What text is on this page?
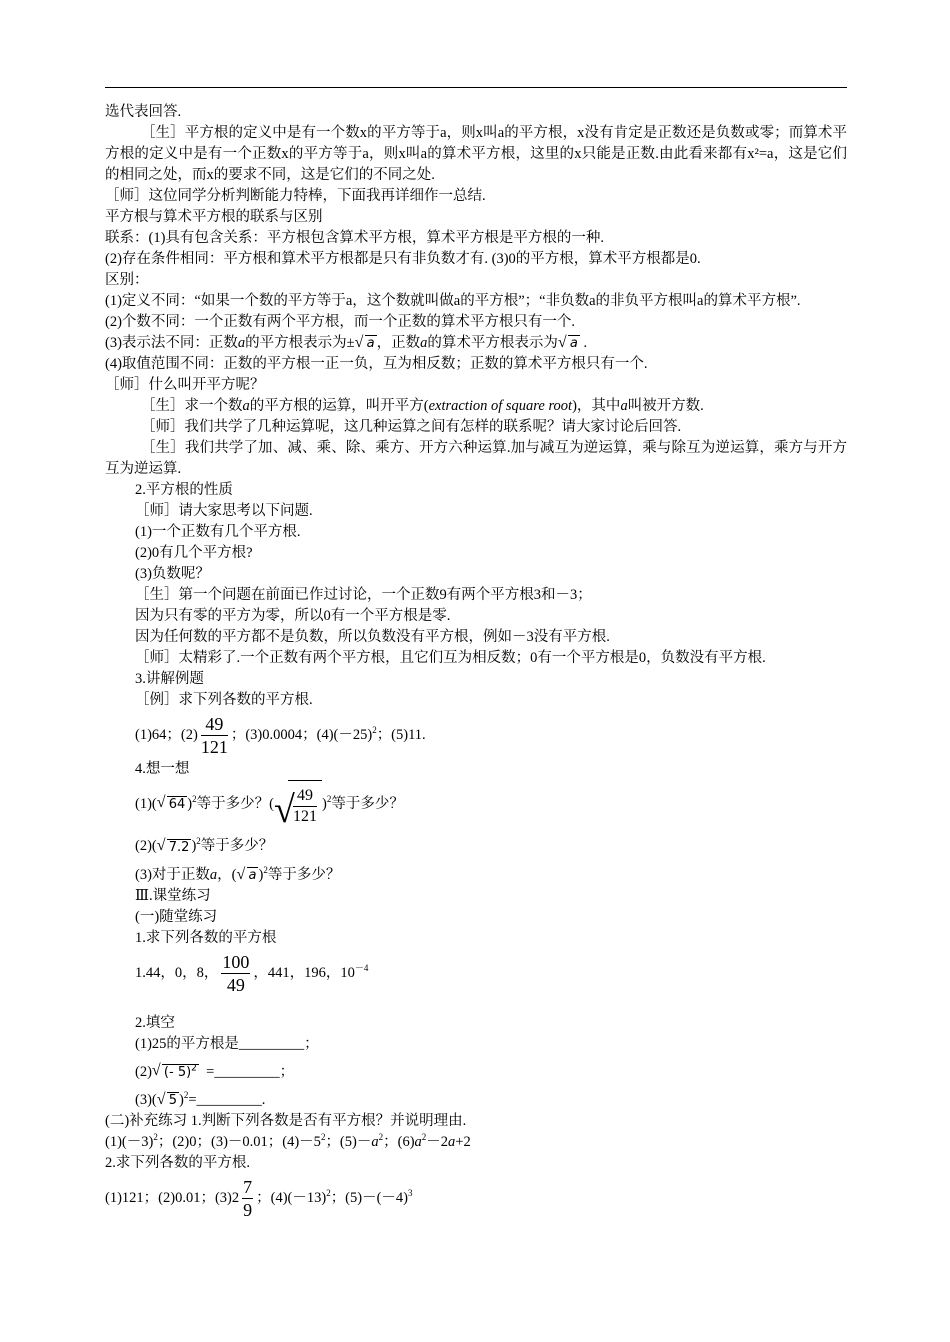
选代表回答.

［生］平方根的定义中是有一个数x的平方等于a，则x叫a的平方根，x没有肯定是正数还是负数或零；而算术平方根的定义中是有一个正数x的平方等于a，则x叫a的算术平方根，这里的x只能是正数.由此看来都有x²=a，这是它们的相同之处，而x的要求不同，这是它们的不同之处.

［师］这位同学分析判断能力特棒，下面我再详细作一总结.

平方根与算术平方根的联系与区别

联系：(1)具有包含关系：平方根包含算术平方根，算术平方根是平方根的一种.

(2)存在条件相同：平方根和算术平方根都是只有非负数才有. (3)0的平方根，算术平方根都是0.

区别：

(1)定义不同：“如果一个数的平方等于a，这个数就叫做a的平方根”；“非负数a的非负平方根叫a的算术平方根”.

(2)个数不同：一个正数有两个平方根，而一个正数的算术平方根只有一个.

(3)表示法不同：正数a的平方根表示为± √ a ，正数a的算术平方根表示为 √ a .

(4)取值范围不同：正数的平方根一正一负，互为相反数；正数的算术平方根只有一个.

［师］什么叫开平方呢？

［生］求一个数a的平方根的运算，叫开平方(extraction of square root)，其中a叫被开方数.

［师］我们共学了几种运算呢，这几种运算之间有怎样的联系呢？请大家讨论后回答.

［生］我们共学了加、减、乘、除、乘方、开方六种运算.加与减互为逆运算，乘与除互为逆运算，乘方与开方互为逆运算.

2.平方根的性质

［师］请大家思考以下问题.

(1)一个正数有几个平方根.

(2)0有几个平方根?

(3)负数呢？

［生］第一个问题在前面已作过讨论，一个正数9有两个平方根3和－3；

因为只有零的平方为零，所以0有一个平方根是零.

因为任何数的平方都不是负数，所以负数没有平方根，例如－3没有平方根.

［师］太精彩了.一个正数有两个平方根，且它们互为相反数；0有一个平方根是0，负数没有平方根.

3.讲解例题

［例］求下列各数的平方根.

(1)64；$(2) \frac{49}{121}$ ；(3)0.0004；$(4)(-25)^2$；(5)11.

4.想一想

(1)( √ 64 )$^2$等于多少？( √
$\frac{49}{121} )^2$等于多少？

(2)( √ 7.2 )$^2$等于多少？

(3)对于正数a，( √ a )$^2$等于多少？

Ⅲ.课堂练习

(一)随堂练习

1.求下列各数的平方根

1.44，0，8， $\frac{100}{49}$ ，441，196，$10^{-4}$

2.填空

(1)25的平方根是_________；

(2) √ (- 5)$^2$ =_________；

(3)( √ 5 )$^2$=_________.

(二)补充练习 1.判断下列各数是否有平方根？并说明理由.

$(1)(-3)^2$；(2)0；(3)－0.01；$(4)-5^2$；$(5)-a^2$；$(6)a^2-2a+2$

2.求下列各数的平方根.

(1)121；(2)0.01；$(3)2 \frac{7}{9}$ ；$(4)(-13)^2$；$(5)-(-4)^3$
